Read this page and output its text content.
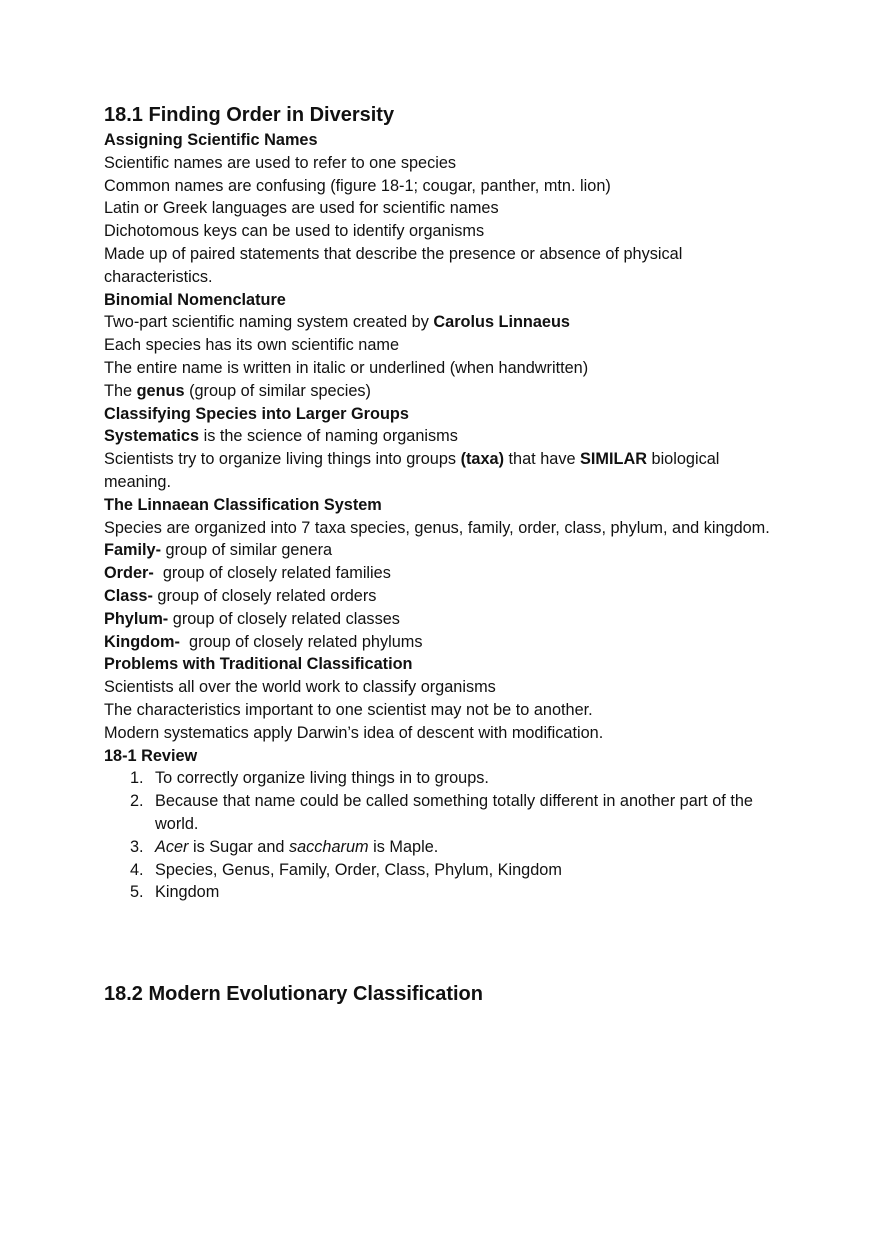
18.1 Finding Order in Diversity

Assigning Scientific Names

Scientific names are used to refer to one species

Common names are confusing (figure 18-1; cougar, panther, mtn. lion)

Latin or Greek languages are used for scientific names

Dichotomous keys can be used to identify organisms

Made up of paired statements that describe the presence or absence of physical characteristics.

Binomial Nomenclature

Two-part scientific naming system created by Carolus Linnaeus

Each species has its own scientific name

The entire name is written in italic or underlined (when handwritten)

The genus (group of similar species)

Classifying Species into Larger Groups

Systematics is the science of naming organisms

Scientists try to organize living things into groups (taxa) that have SIMILAR biological meaning.

The Linnaean Classification System

Species are organized into 7 taxa species, genus, family, order, class, phylum, and kingdom.

Family- group of similar genera

Order-  group of closely related families

Class- group of closely related orders

Phylum- group of closely related classes

Kingdom-  group of closely related phylums

Problems with Traditional Classification

Scientists all over the world work to classify organisms

The characteristics important to one scientist may not be to another.

Modern systematics apply Darwin’s idea of descent with modification.

18-1 Review

1. To correctly organize living things in to groups.
2. Because that name could be called something totally different in another part of the world.
3. Acer is Sugar and saccharum is Maple.
4. Species, Genus, Family, Order, Class, Phylum, Kingdom
5. Kingdom

18.2 Modern Evolutionary Classification
